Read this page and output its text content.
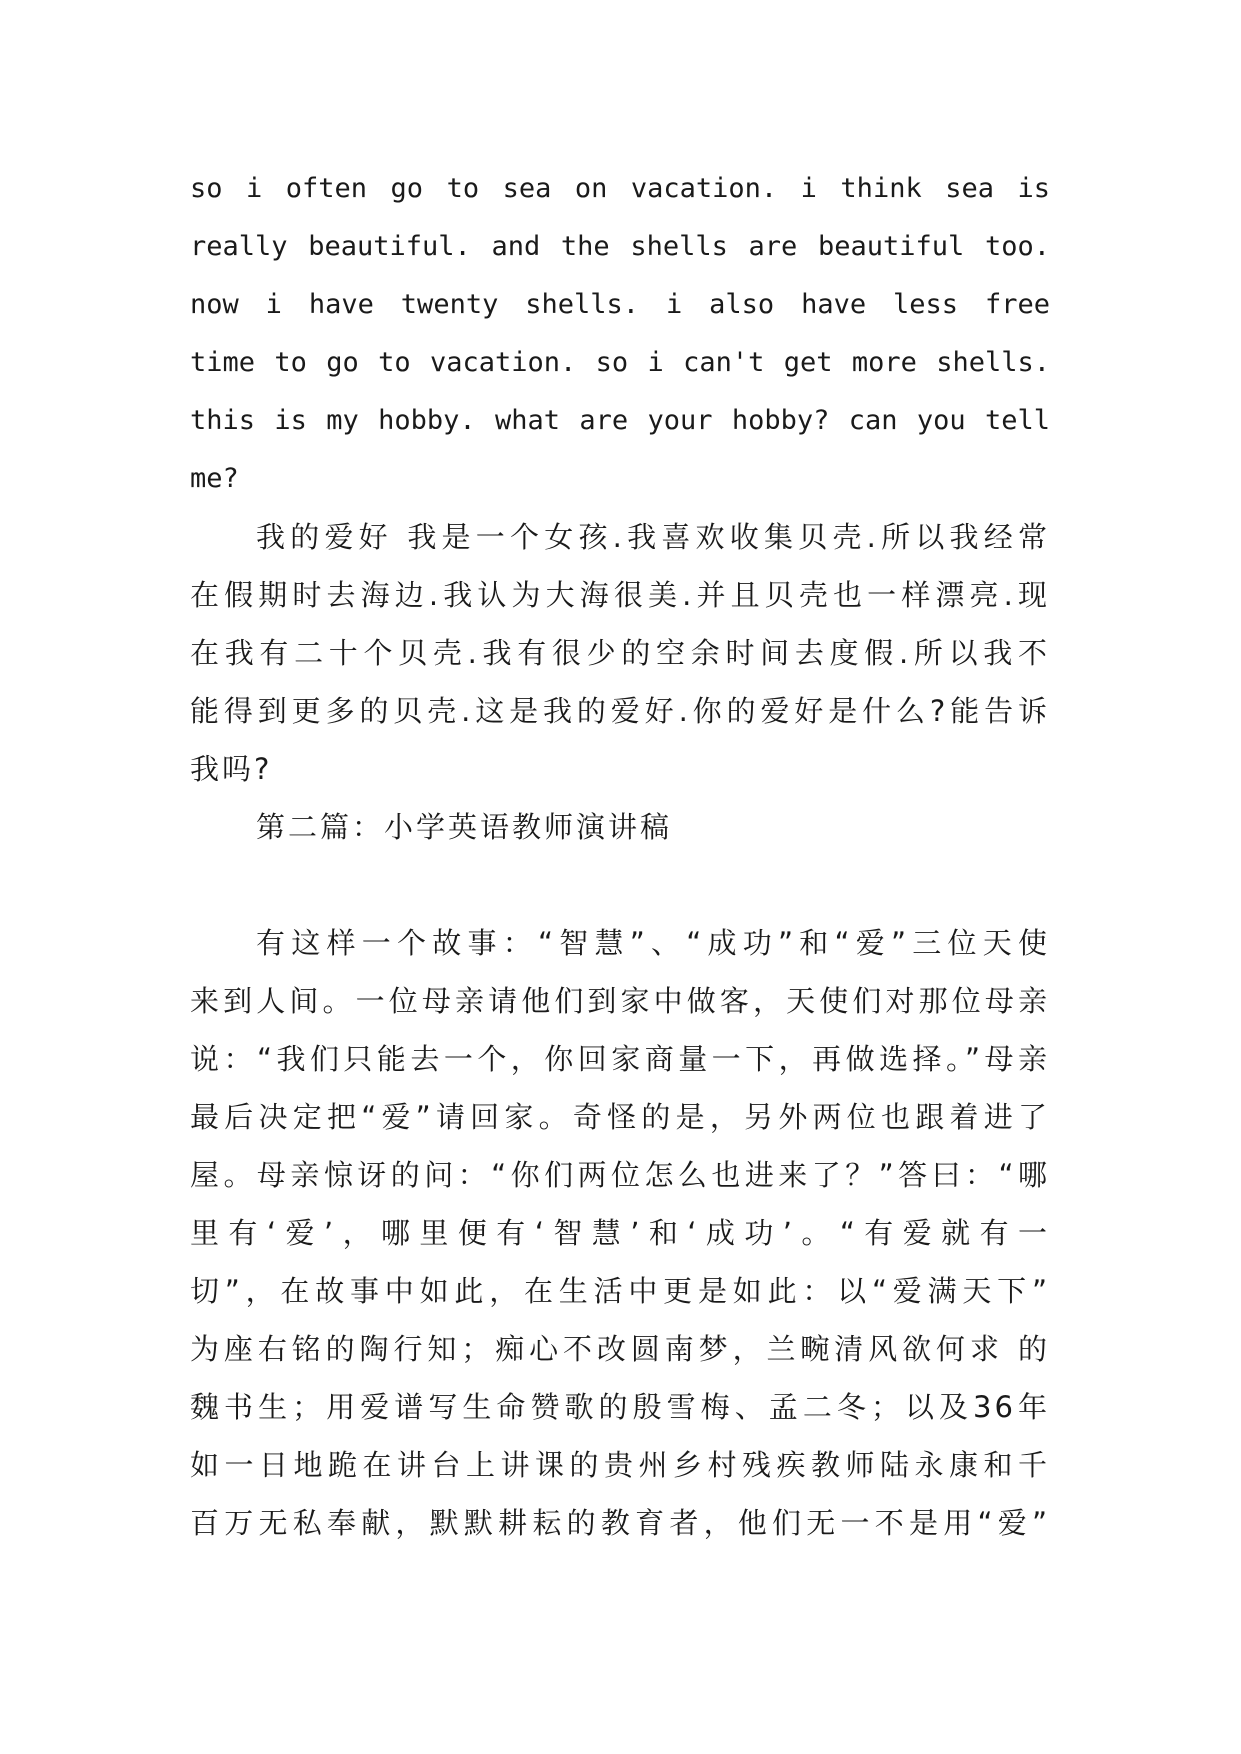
so i often go to sea on vacation. i think sea is
really beautiful. and the shells are beautiful too.
now i have twenty shells. i also have less free
time to go to vacation. so i can't get more shells.
this is my hobby. what are your hobby? can you tell
me?
我的爱好 我是一个女孩.我喜欢收集贝壳.所以我经常
在假期时去海边.我认为大海很美.并且贝壳也一样漂亮.现
在我有二十个贝壳.我有很少的空余时间去度假.所以我不
能得到更多的贝壳.这是我的爱好.你的爱好是什么?能告诉
我吗?
第二篇：小学英语教师演讲稿
有这样一个故事：“智慧”、“成功”和“爱”三位天使
来到人间。一位母亲请他们到家中做客，天使们对那位母亲
说：“我们只能去一个，你回家商量一下，再做选择。”母亲
最后决定把“爱”请回家。奇怪的是，另外两位也跟着进了
屋。母亲惊讶的问：“你们两位怎么也进来了？”答曰：“哪
里有‘爱’，哪里便有‘智慧’和‘成功’。“有爱就有一
切”，在故事中如此，在生活中更是如此：以“爱满天下”
为座右铭的陶行知；痴心不改圆南梦，兰畹清风欲何求 的
魏书生；用爱谱写生命赞歌的殷雪梅、孟二冬；以及36年
如一日地跪在讲台上讲课的贵州乡村残疾教师陆永康和千
百万无私奉献，默默耕耘的教育者，他们无一不是用“爱”
